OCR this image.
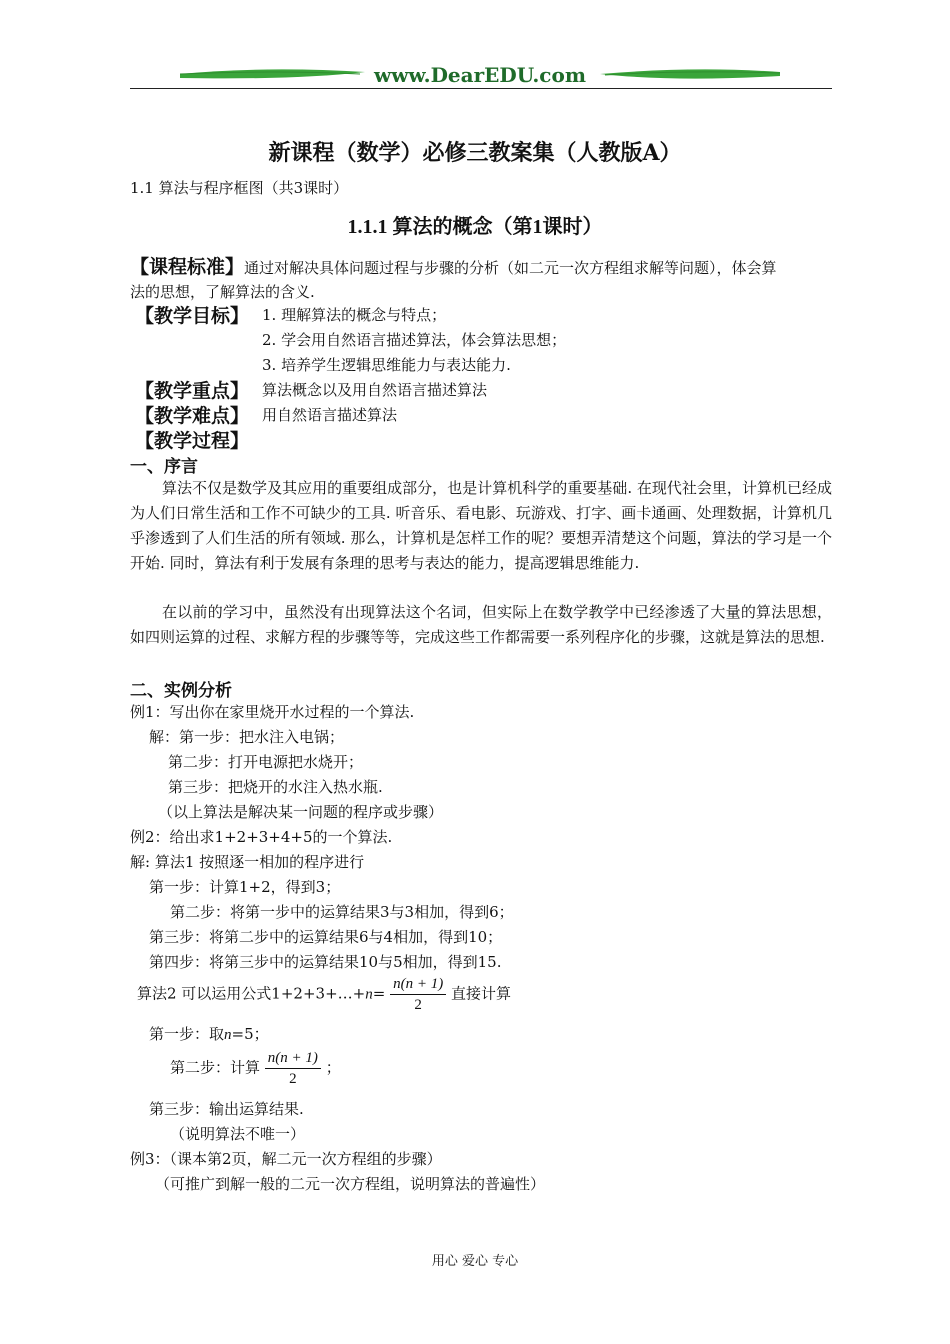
www.DearEDU.com
新课程（数学）必修三教案集（人教版A）
1.1 算法与程序框图（共3课时）
1.1.1 算法的概念（第1课时）
【课程标准】通过对解决具体问题过程与步骤的分析（如二元一次方程组求解等问题），体会算
法的思想，了解算法的含义.
【教学目标】 1. 理解算法的概念与特点；
2. 学会用自然语言描述算法，体会算法思想；
3. 培养学生逻辑思维能力与表达能力.
【教学重点】 算法概念以及用自然语言描述算法
【教学难点】 用自然语言描述算法
【教学过程】
一、序言
算法不仅是数学及其应用的重要组成部分，也是计算机科学的重要基础. 在现代社会里，计算机已经成为人们日常生活和工作不可缺少的工具. 听音乐、看电影、玩游戏、打字、画卡通画、处理数据，计算机几乎渗透到了人们生活的所有领域. 那么，计算机是怎样工作的呢？要想弄清楚这个问题，算法的学习是一个开始. 同时，算法有利于发展有条理的思考与表达的能力，提高逻辑思维能力.
在以前的学习中，虽然没有出现算法这个名词，但实际上在数学教学中已经渗透了大量的算法思想，如四则运算的过程、求解方程的步骤等等，完成这些工作都需要一系列程序化的步骤，这就是算法的思想.
二、实例分析
例1：写出你在家里烧开水过程的一个算法.
解：第一步：把水注入电锅；
第二步：打开电源把水烧开；
第三步：把烧开的水注入热水瓶.
（以上算法是解决某一问题的程序或步骤）
例2：给出求1+2+3+4+5的一个算法.
解: 算法1 按照逐一相加的程序进行
第一步：计算1+2，得到3；
第二步：将第一步中的运算结果3与3相加，得到6；
第三步：将第二步中的运算结果6与4相加，得到10；
第四步：将第三步中的运算结果10与5相加，得到15.
算法2 可以运用公式1+2+3+…+n= $\frac{n(n + 1)}{2}$ 直接计算
第一步：取n=5；
第二步：计算 $\frac{n(n + 1)}{2}$ ；
第三步：输出运算结果.
（说明算法不唯一）
例3：（课本第2页，解二元一次方程组的步骤）
（可推广到解一般的二元一次方程组，说明算法的普遍性）
用心 爱心 专心
